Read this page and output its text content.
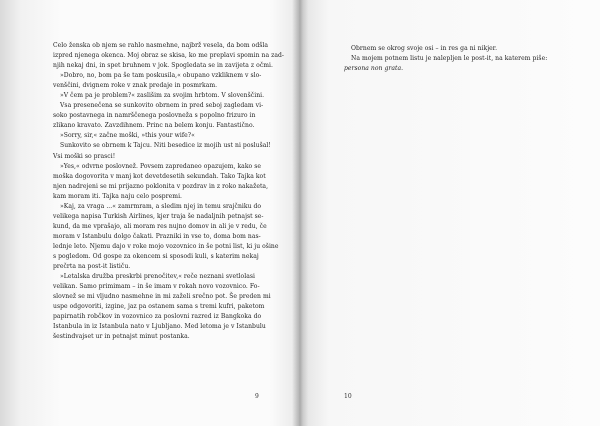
Celo ženska ob njem se rahlo nasmehne, najbrž vesela, da bom odšla
izpred njenega okenca. Moj obraz se skisa, ko me preplavi spomin na zad-
njih nekaj dni, in spet bruhnem v jok. Spogledata se in zavijeta z očmi.
»Dobro, no, bom pa še tam poskusila,« obupano vzkliknem v slo-
venščini, dvignem roke v znak predaje in posmrkam.
»V čem pa je problem?« zaslišim za svojim hrbtom. V slovenščini.
Vsa presenečena se sunkovito obrnem in pred seboj zagledam vi-
soko postavnega in namrščenega poslovneža s popolno frizuro in
zlikano kravato. Zavzdihnem. Princ na belem konju. Fantastično.
»Sorry, sir,« začne moški, »this your wife?«
Sunkovito se obrnem k Tajcu. Niti besedice iz mojih ust ni poslušal!
Vsi moški so prasci!
»Yes,« odvrne poslovnež. Povsem zapredaneo opazujem, kako se
moška dogovorita v manj kot devetdesetih sekundah. Tako Tajka kot
njen nadrejeni se mi prijazno poklonita v pozdrav in z roko nakažeta,
kam moram iti. Tajka naju celo pospremi.
»Kaj, za vraga ...« zamrmram, a sledim njej in temu srajčniku do
velikega napisa Turkish Airlines, kjer traja še nadaljnih petnajst se-
kund, da me vprašajo, ali moram res nujno domov in ali je v redu, če
moram v Istanbulu dolgo čakati. Prazniki in vse to, doma bom nas-
lednje leto. Njemu dajo v roke mojo vozovnico in še potni list, ki ju ošine
s pogledom. Od gospe za okencem si sposodi kuli, s katerim nekaj
prečrta na post-it lističu.
»Letalska družba preskrbi prenočitev,« reče neznani svetlolasi
velikan. Samo primimam – in še imam v rokah novo vozovnico. Fo-
slovnež se mi vljudno nasmehne in mi zaželi srečno pot. Še preden mi
uspe odgovoriti, izgine, jaz pa ostanem sama s tremi kufri, paketom
papirnatih robčkov in vozovnico za poslovni razred iz Bangkoka do
Istanbula in iz Istanbula nato v Ljubljano. Med letoma je v Istanbulu
šestindvajset ur in petnajst minut postanka.
9
Obrnem se okrog svoje osi – in res ga ni nikjer.
Na mojem potnem listu je nalepljen le post-it, na katerem piše:
persona non grata.
10
